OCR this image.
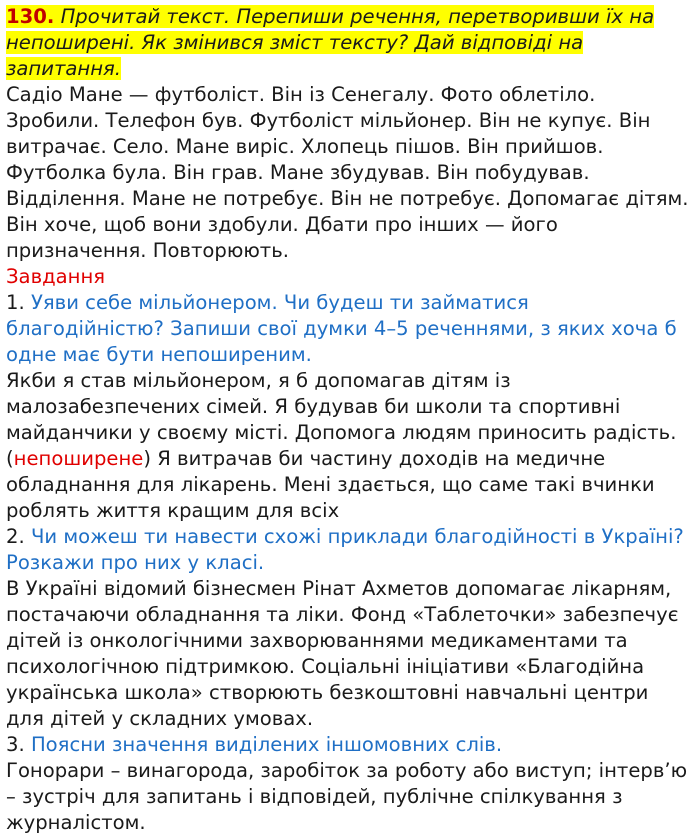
130. Прочитай текст. Перепиши речення, перетворивши їх на непоширені. Як змінився зміст тексту? Дай відповіді на запитання.

Садіо Мане — футболіст. Він із Сенегалу. Фото облетіло. Зробили. Телефон був. Футболіст мільйонер. Він не купує. Він витрачає. Село. Мане виріс. Хлопець пішов. Він прийшов. Футболка була. Він грав. Мане збудував. Він побудував. Відділення. Мане не потребує. Він не потребує. Допомагає дітям. Він хоче, щоб вони здобули. Дбати про інших — його призначення. Повторюють.

Завдання

1. Уяви себе мільйонером. Чи будеш ти займатися благодійністю? Запиши свої думки 4–5 реченнями, з яких хоча б одне має бути непоширеним.

Якби я став мільйонером, я б допомагав дітям із малозабезпечених сімей. Я будував би школи та спортивні майданчики у своєму місті. Допомога людям приносить радість. (непоширене) Я витрачав би частину доходів на медичне обладнання для лікарень. Мені здається, що саме такі вчинки роблять життя кращим для всіх

2. Чи можеш ти навести схожі приклади благодійності в Україні? Розкажи про них у класі.

В Україні відомий бізнесмен Рінат Ахметов допомагає лікарням, постачаючи обладнання та ліки. Фонд «Таблеточки» забезпечує дітей із онкологічними захворюваннями медикаментами та психологічною підтримкою. Соціальні ініціативи «Благодійна українська школа» створюють безкоштовні навчальні центри для дітей у складних умовах.

3. Поясни значення виділених іншомовних слів.

Гонорари – винагорода, заробіток за роботу або виступ; інтерв’ю – зустріч для запитань і відповідей, публічне спілкування з журналістом.
